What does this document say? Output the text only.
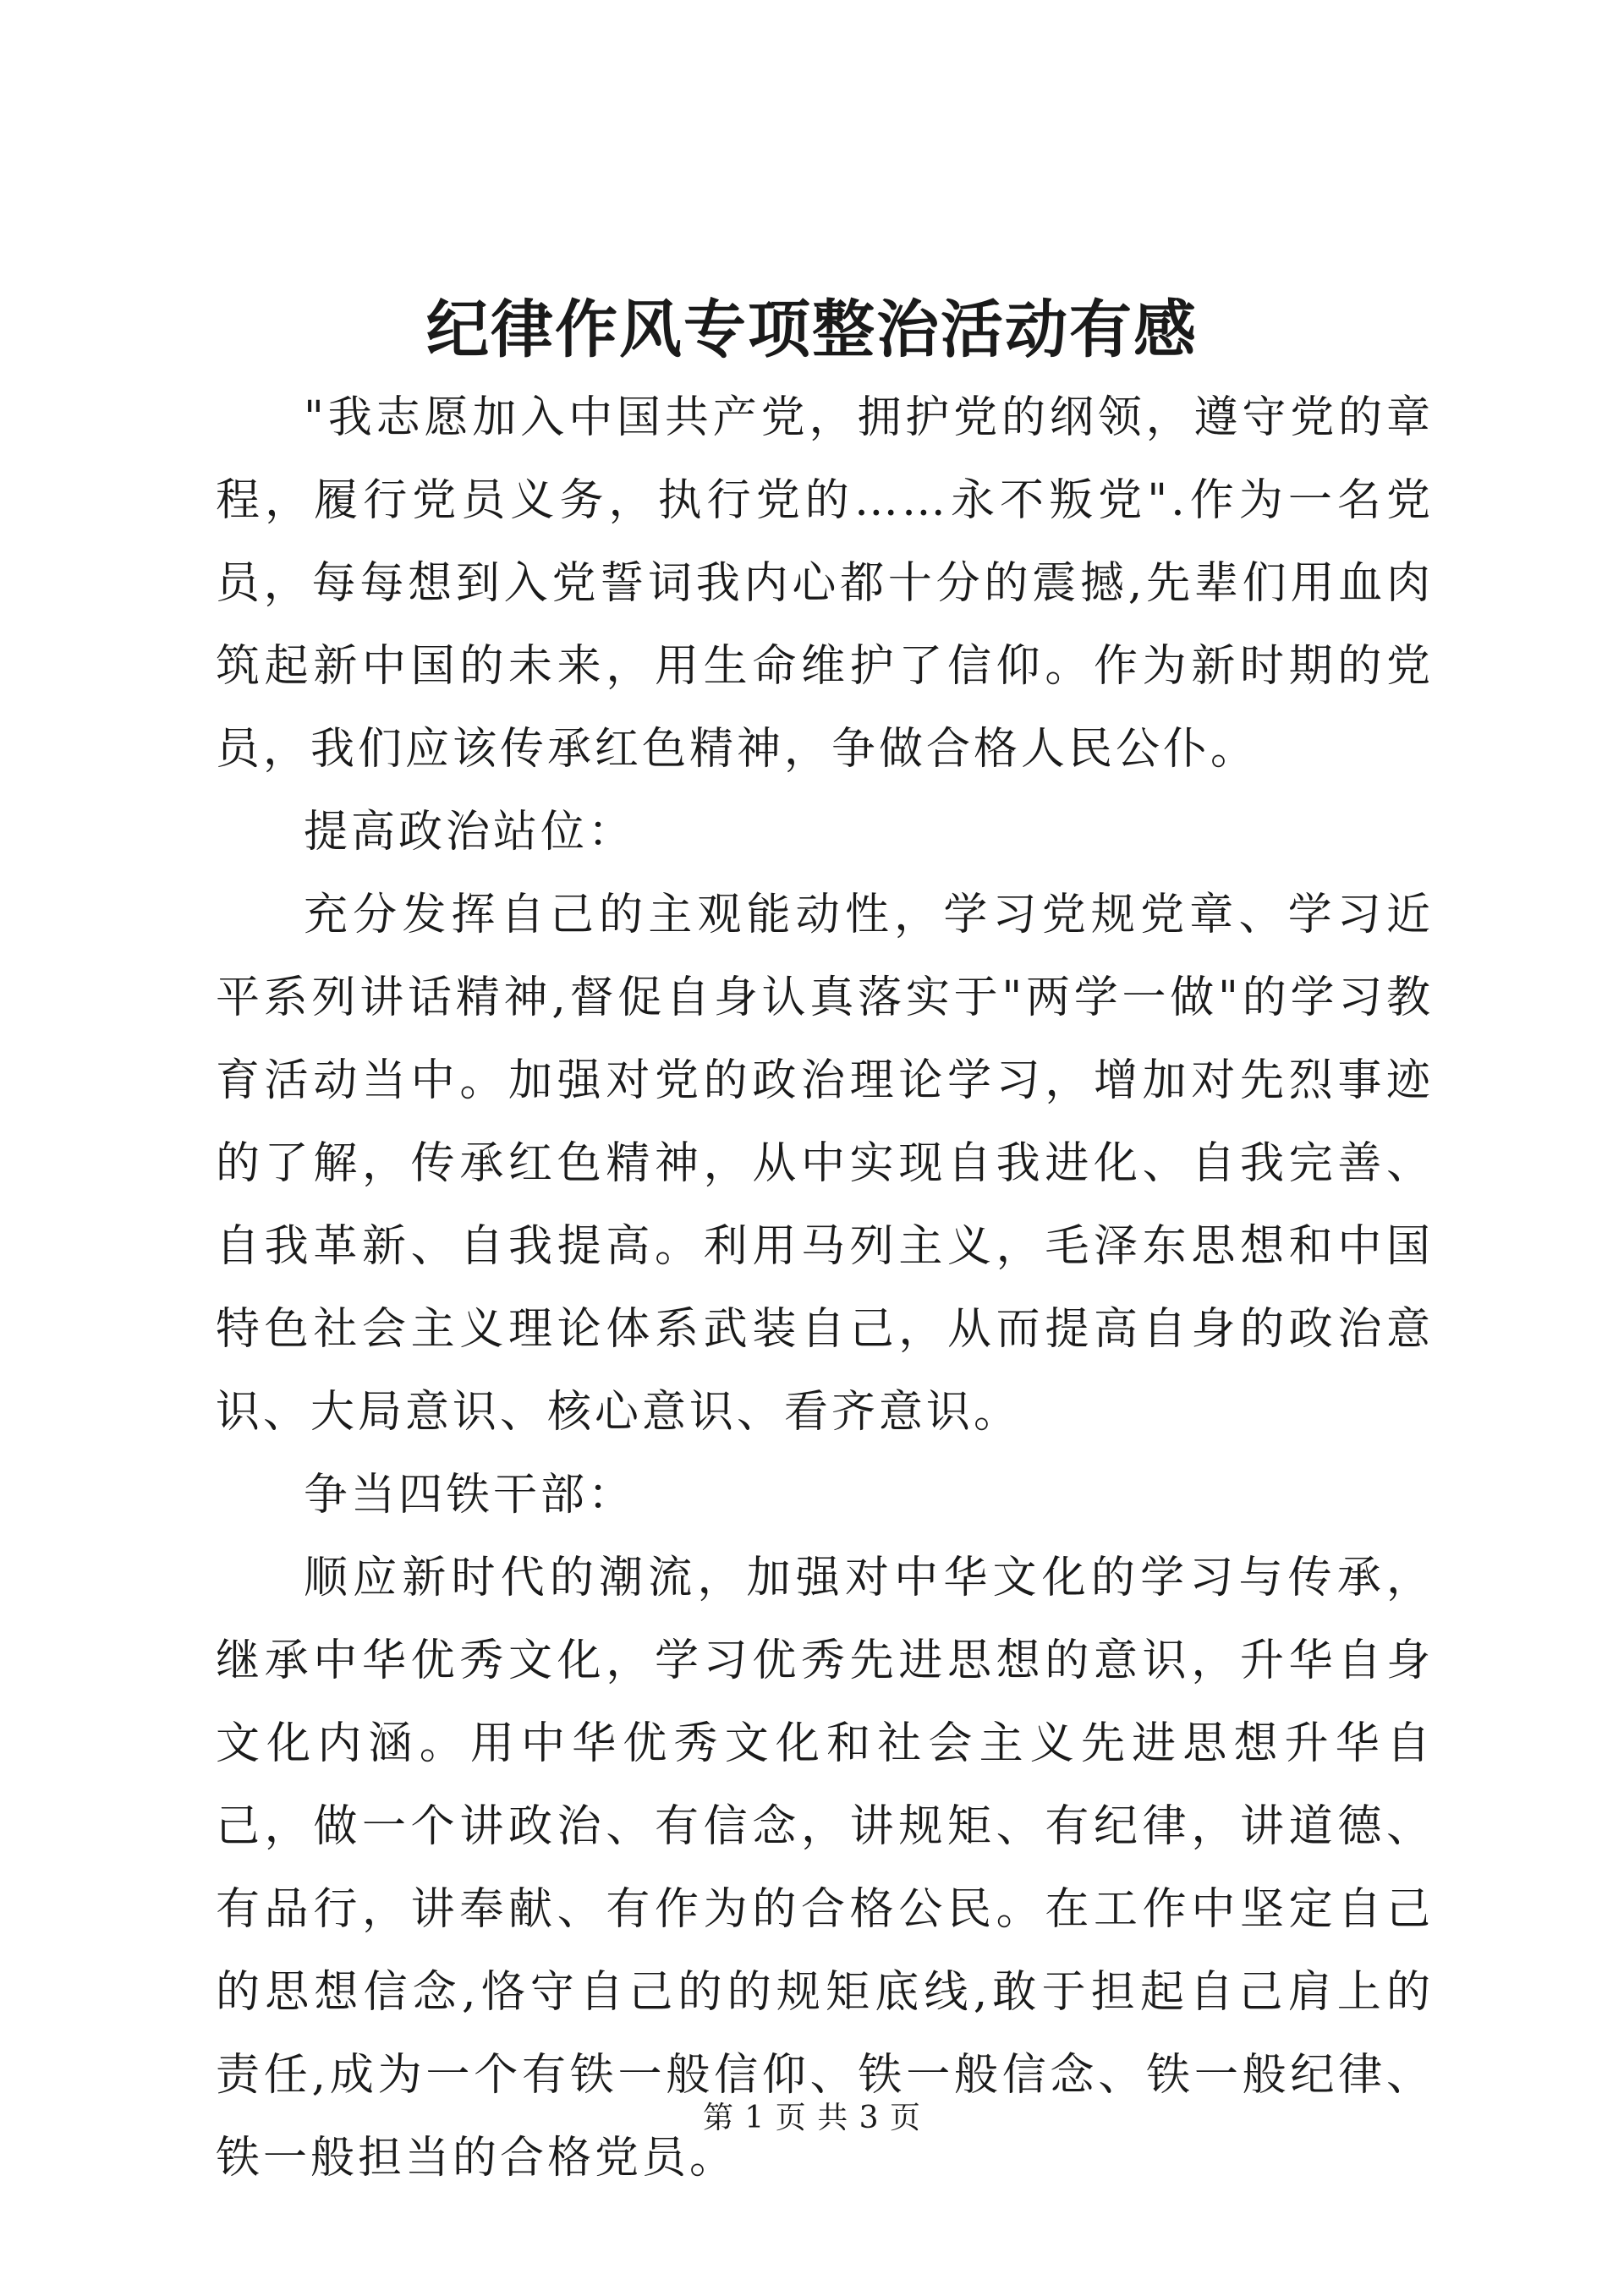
纪律作风专项整治活动有感

"我志愿加入中国共产党，拥护党的纲领，遵守党的章程，履行党员义务，执行党的……永不叛党".作为一名党员，每每想到入党誓词我内心都十分的震撼,先辈们用血肉筑起新中国的未来，用生命维护了信仰。作为新时期的党员，我们应该传承红色精神，争做合格人民公仆。

提高政治站位：

充分发挥自己的主观能动性，学习党规党章、学习近平系列讲话精神,督促自身认真落实于"两学一做"的学习教育活动当中。加强对党的政治理论学习，增加对先烈事迹的了解，传承红色精神，从中实现自我进化、自我完善、自我革新、自我提高。利用马列主义，毛泽东思想和中国特色社会主义理论体系武装自己，从而提高自身的政治意识、大局意识、核心意识、看齐意识。

争当四铁干部：

顺应新时代的潮流，加强对中华文化的学习与传承，继承中华优秀文化，学习优秀先进思想的意识，升华自身文化内涵。用中华优秀文化和社会主义先进思想升华自己，做一个讲政治、有信念，讲规矩、有纪律，讲道德、有品行，讲奉献、有作为的合格公民。在工作中坚定自己的思想信念,恪守自己的的规矩底线,敢于担起自己肩上的责任,成为一个有铁一般信仰、铁一般信念、铁一般纪律、铁一般担当的合格党员。

第 1 页 共 3 页
